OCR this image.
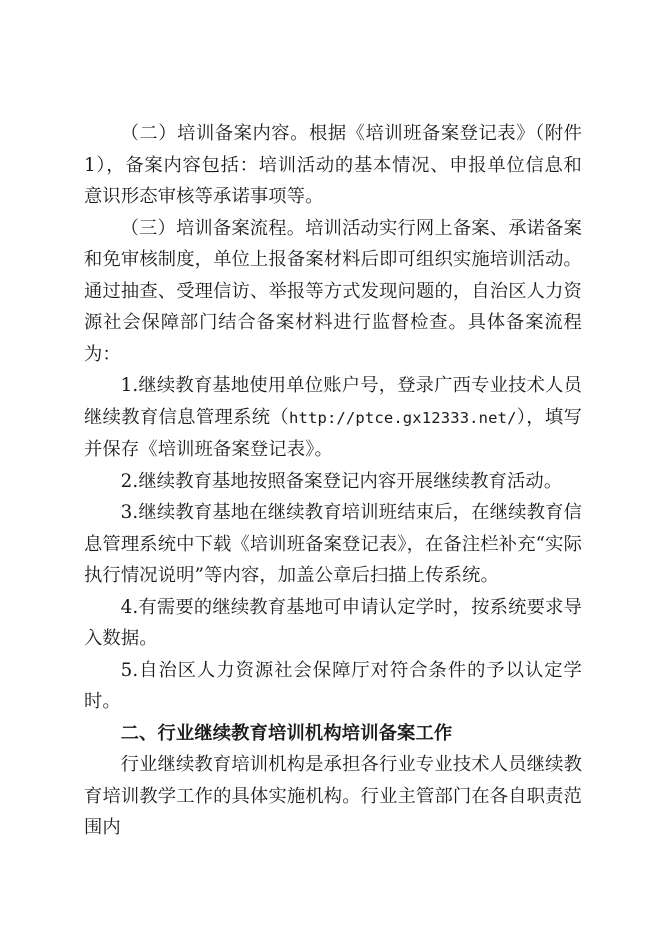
（二）培训备案内容。根据《培训班备案登记表》（附件1），备案内容包括：培训活动的基本情况、申报单位信息和意识形态审核等承诺事项等。

（三）培训备案流程。培训活动实行网上备案、承诺备案和免审核制度，单位上报备案材料后即可组织实施培训活动。通过抽查、受理信访、举报等方式发现问题的，自治区人力资源社会保障部门结合备案材料进行监督检查。具体备案流程为：

1.继续教育基地使用单位账户号，登录广西专业技术人员继续教育信息管理系统（http://ptce.gx12333.net/），填写并保存《培训班备案登记表》。

2.继续教育基地按照备案登记内容开展继续教育活动。

3.继续教育基地在继续教育培训班结束后，在继续教育信息管理系统中下载《培训班备案登记表》，在备注栏补充“实际执行情况说明”等内容，加盖公章后扫描上传系统。

4.有需要的继续教育基地可申请认定学时，按系统要求导入数据。

5.自治区人力资源社会保障厅对符合条件的予以认定学时。

二、行业继续教育培训机构培训备案工作

行业继续教育培训机构是承担各行业专业技术人员继续教育培训教学工作的具体实施机构。行业主管部门在各自职责范围内
